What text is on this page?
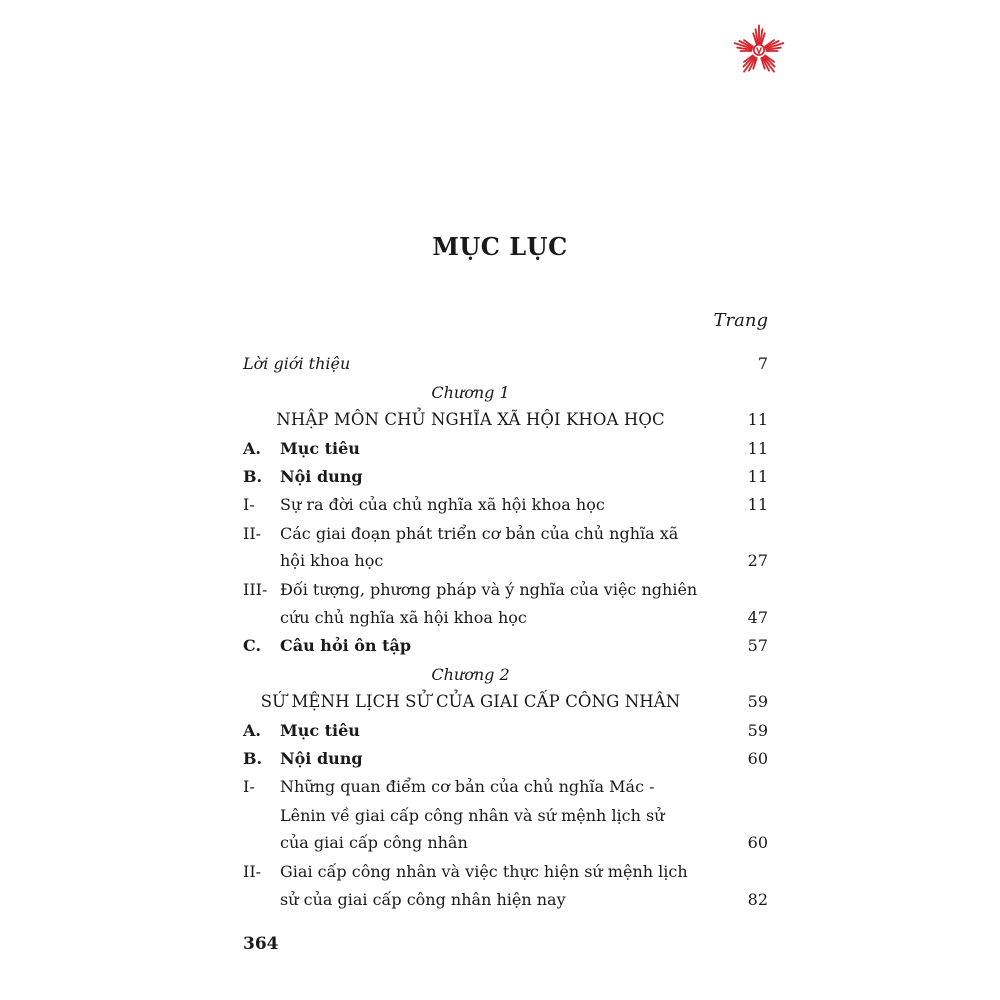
MỤC LỤC
Trang
Lời giới thiệu	7
Chương 1
NHẬP MÔN CHỦ NGHĨA XÃ HỘI KHOA HỌC	11
A. Mục tiêu	11
B. Nội dung	11
I- Sự ra đời của chủ nghĩa xã hội khoa học	11
II- Các giai đoạn phát triển cơ bản của chủ nghĩa xã
hội khoa học	27
III- Đối tượng, phương pháp và ý nghĩa của việc nghiên
cứu chủ nghĩa xã hội khoa học	47
C. Câu hỏi ôn tập	57
Chương 2
SỨ MỆNH LỊCH SỬ CỦA GIAI CẤP CÔNG NHÂN	59
A. Mục tiêu	59
B. Nội dung	60
I- Những quan điểm cơ bản của chủ nghĩa Mác -
Lênin về giai cấp công nhân và sứ mệnh lịch sử
của giai cấp công nhân	60
II- Giai cấp công nhân và việc thực hiện sứ mệnh lịch
sử của giai cấp công nhân hiện nay	82
364
